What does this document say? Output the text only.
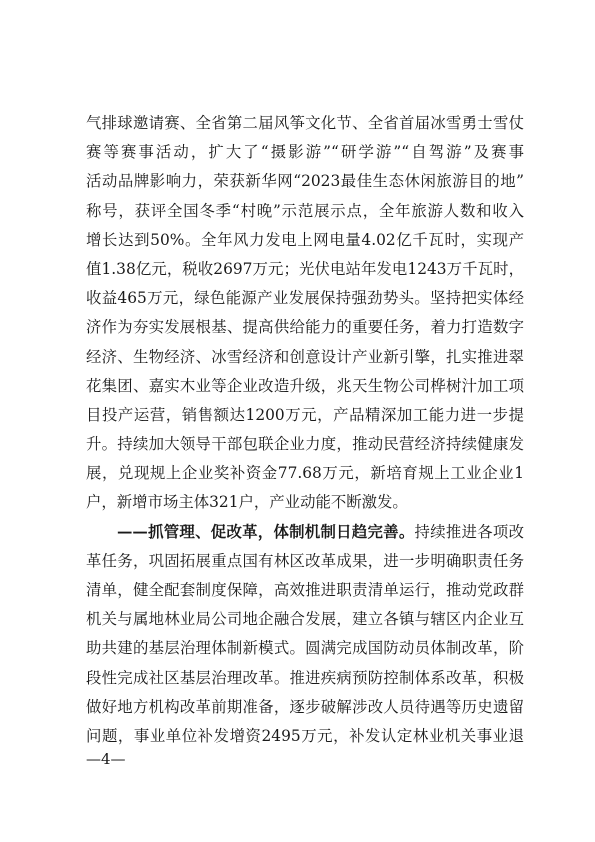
气排球邀请赛、全省第二届风筝文化节、全省首届冰雪勇士雪仗
赛等赛事活动，扩大了“摄影游”“研学游”“自驾游”及赛事
活动品牌影响力，荣获新华网“2023最佳生态休闲旅游目的地”
称号，获评全国冬季“村晚”示范展示点，全年旅游人数和收入
增长达到50%。全年风力发电上网电量4.02亿千瓦时，实现产
值1.38亿元，税收2697万元；光伏电站年发电1243万千瓦时，
收益465万元，绿色能源产业发展保持强劲势头。坚持把实体经
济作为夯实发展根基、提高供给能力的重要任务，着力打造数字
经济、生物经济、冰雪经济和创意设计产业新引擎，扎实推进翠
花集团、嘉实木业等企业改造升级，兆天生物公司桦树汁加工项
目投产运营，销售额达1200万元，产品精深加工能力进一步提
升。持续加大领导干部包联企业力度，推动民营经济持续健康发
展，兑现规上企业奖补资金77.68万元，新培育规上工业企业1
户，新增市场主体321户，产业动能不断激发。
——抓管理、促改革，体制机制日趋完善。持续推进各项改
革任务，巩固拓展重点国有林区改革成果，进一步明确职责任务
清单，健全配套制度保障，高效推进职责清单运行，推动党政群
机关与属地林业局公司地企融合发展，建立各镇与辖区内企业互
助共建的基层治理体制新模式。圆满完成国防动员体制改革，阶
段性完成社区基层治理改革。推进疾病预防控制体系改革，积极
做好地方机构改革前期准备，逐步破解涉改人员待遇等历史遗留
问题，事业单位补发增资2495万元，补发认定林业机关事业退
—4—
